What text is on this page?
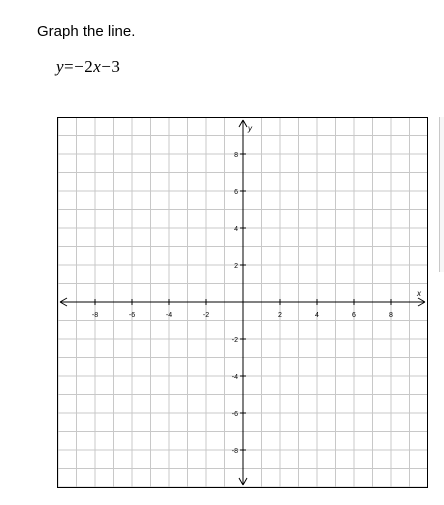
Graph the line.
y=−2x−3
x
y
-8	-6	-4	-2	2	4	6	8
8
6
4
2
-2
-4
-6
-8
